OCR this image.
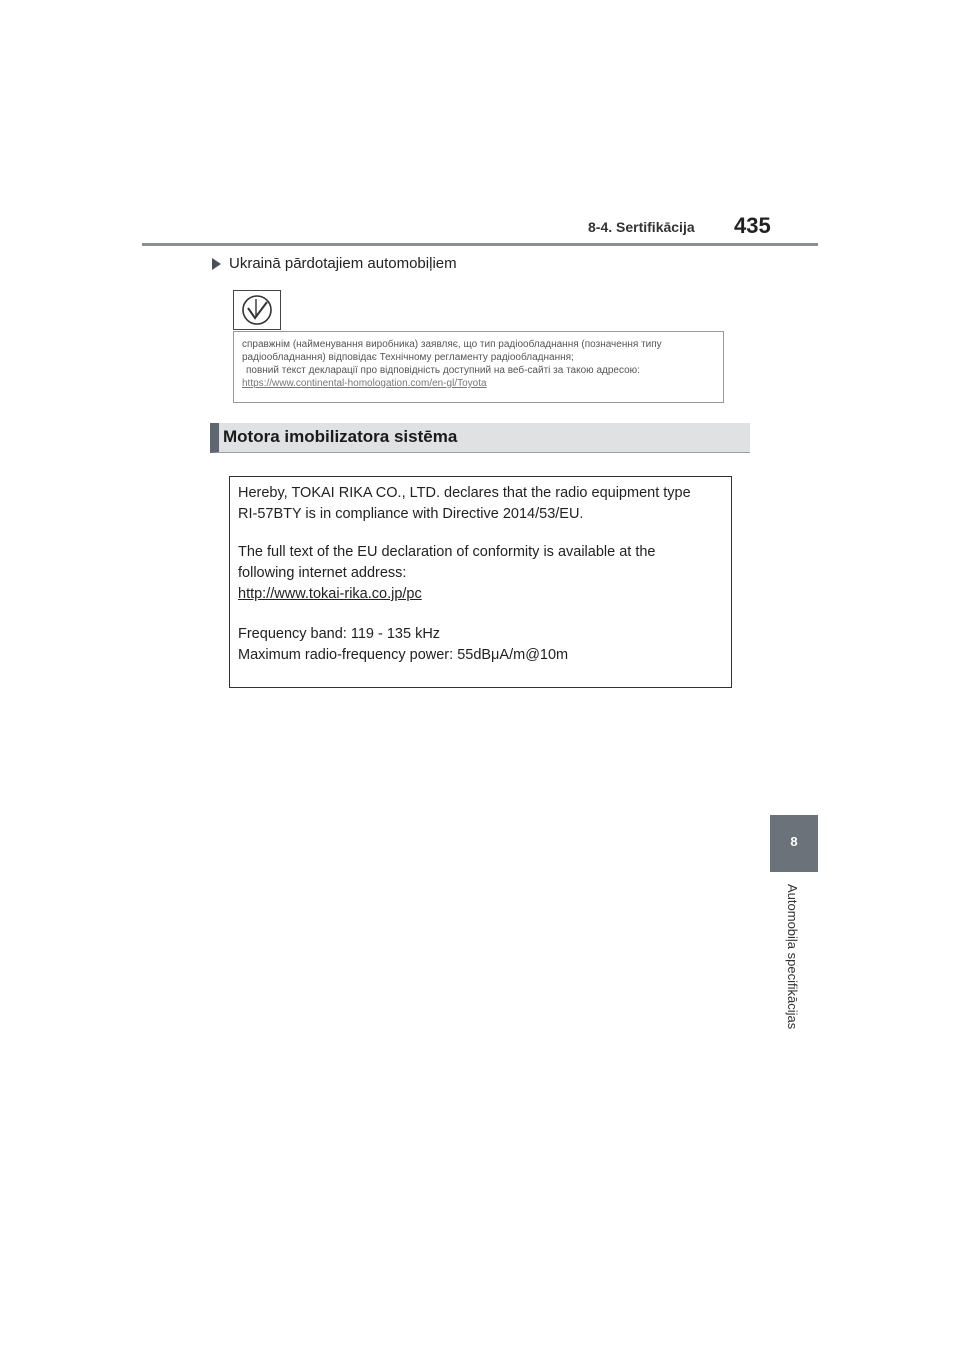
8-4. Sertifikācija 435
Ukrainā pārdotajiem automobiļiem
справжнім (найменування виробника) заявляє, що тип радіообладнання (позначення типу
радіообладнання) відповідає Технічному регламенту радіообладнання;
повний текст декларації про відповідність доступний на веб-сайті за такою адресою:
https://www.continental-homologation.com/en-gl/Toyota
Motora imobilizatora sistēma
Hereby, TOKAI RIKA CO., LTD. declares that the radio equipment type
RI-57BTY is in compliance with Directive 2014/53/EU.
The full text of the EU declaration of conformity is available at the
following internet address:
http://www.tokai-rika.co.jp/pc
Frequency band: 119 - 135 kHz
Maximum radio-frequency power: 55dBμA/m@10m
8
Automobiļa specifikācijas
